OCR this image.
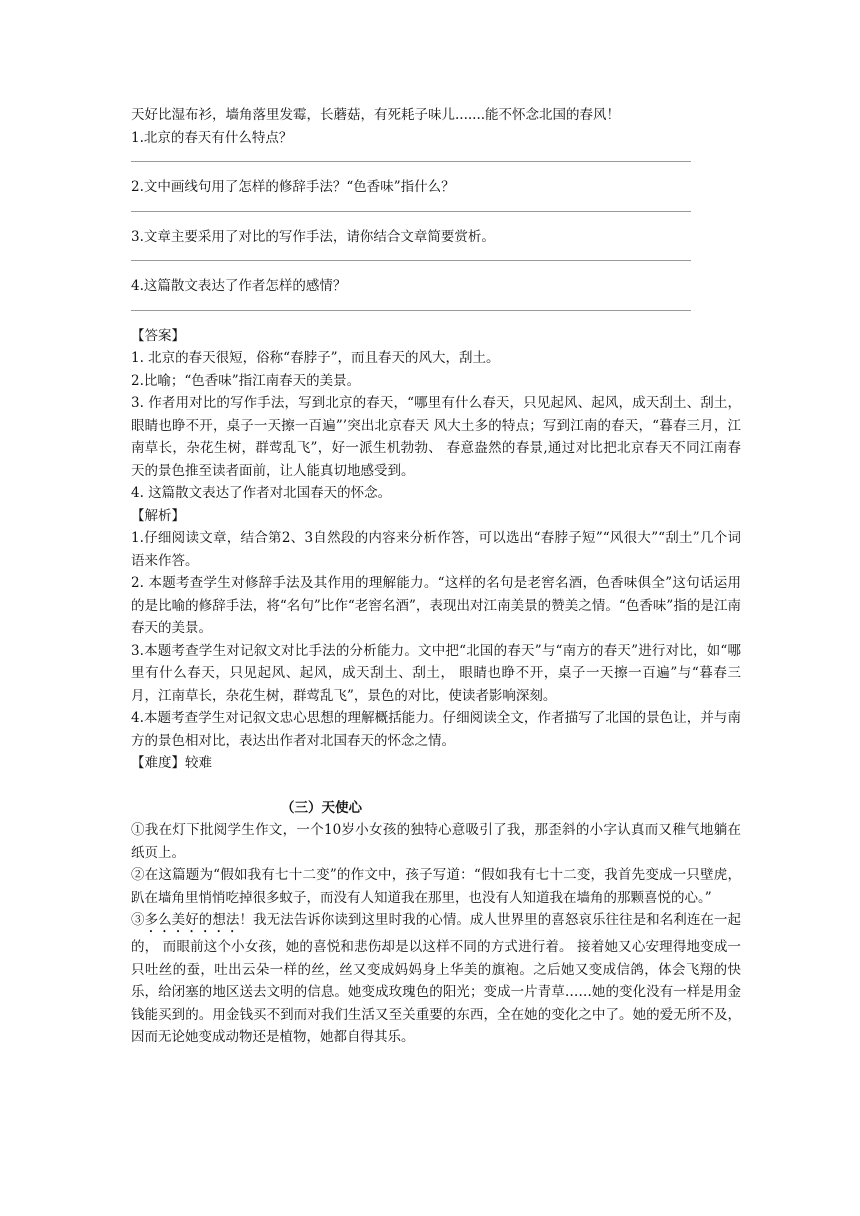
天好比湿布衫，墙角落里发霉，长蘑菇，有死耗子味儿.......能不怀念北国的春风！

1.北京的春天有什么特点？

2.文中画线句用了怎样的修辞手法？“色香味”指什么？

3.文章主要采用了对比的写作手法，请你结合文章简要赏析。

4.这篇散文表达了作者怎样的感情？

【答案】

1. 北京的春天很短，俗称“春脖子”，而且春天的风大，刮土。

2.比喻；“色香味”指江南春天的美景。

3. 作者用对比的写作手法，写到北京的春天，“哪里有什么春天，只见起风、起风，成天刮土、刮土， 眼睛也睁不开，桌子一天擦一百遍”’突出北京春天 风大土多的特点；写到江南的春天，“暮春三月，江南草长，杂花生树，群莺乱飞”，好一派生机勃勃、 春意盎然的春景,通过对比把北京春天不同江南春 天的景色推至读者面前，让人能真切地感受到。

4. 这篇散文表达了作者对北国春天的怀念。

【解析】

1.仔细阅读文章，结合第2、3自然段的内容来分析作答，可以选出“春脖子短”“风很大”“刮土”几个词语来作答。

2. 本题考查学生对修辞手法及其作用的理解能力。“这样的名句是老窖名酒，色香味俱全”这句话运用的是比喻的修辞手法，将“名句”比作“老窖名酒”，表现出对江南美景的赞美之情。“色香味”指的是江南春天的美景。

3.本题考查学生对记叙文对比手法的分析能力。文中把“北国的春天”与“南方的春天”进行对比，如“哪里有什么春天，只见起风、起风，成天刮土、刮土， 眼睛也睁不开，桌子一天擦一百遍”与“暮春三月，江南草长，杂花生树，群莺乱飞”，景色的对比，使读者影响深刻。

4.本题考查学生对记叙文忠心思想的理解概括能力。仔细阅读全文，作者描写了北国的景色让，并与南方的景色相对比，表达出作者对北国春天的怀念之情。

【难度】较难

（三）天使心

①我在灯下批阅学生作文，一个10岁小女孩的独特心意吸引了我，那歪斜的小字认真而又稚气地躺在纸页上。

②在这篇题为“假如我有七十二变”的作文中，孩子写道：“假如我有七十二变，我首先变成一只壁虎，趴在墙角里悄悄吃掉很多蚊子，而没有人知道我在那里，也没有人知道我在墙角的那颗喜悦的心。”

③多么美好的想法！我无法告诉你读到这里时我的心情。成人世界里的喜怒哀乐往往是和名利连在一起的， 而眼前这个小女孩，她的喜悦和悲伤却是以这样不同的方式进行着。 接着她又心安理得地变成一只吐丝的蚕，吐出云朵一样的丝，丝又变成妈妈身上华美的旗袍。之后她又变成信鸽，体会飞翔的快乐，给闭塞的地区送去文明的信息。她变成玫瑰色的阳光；变成一片青草……她的变化没有一样是用金钱能买到的。用金钱买不到而对我们生活又至关重要的东西，全在她的变化之中了。她的爱无所不及，因而无论她变成动物还是植物，她都自得其乐。
